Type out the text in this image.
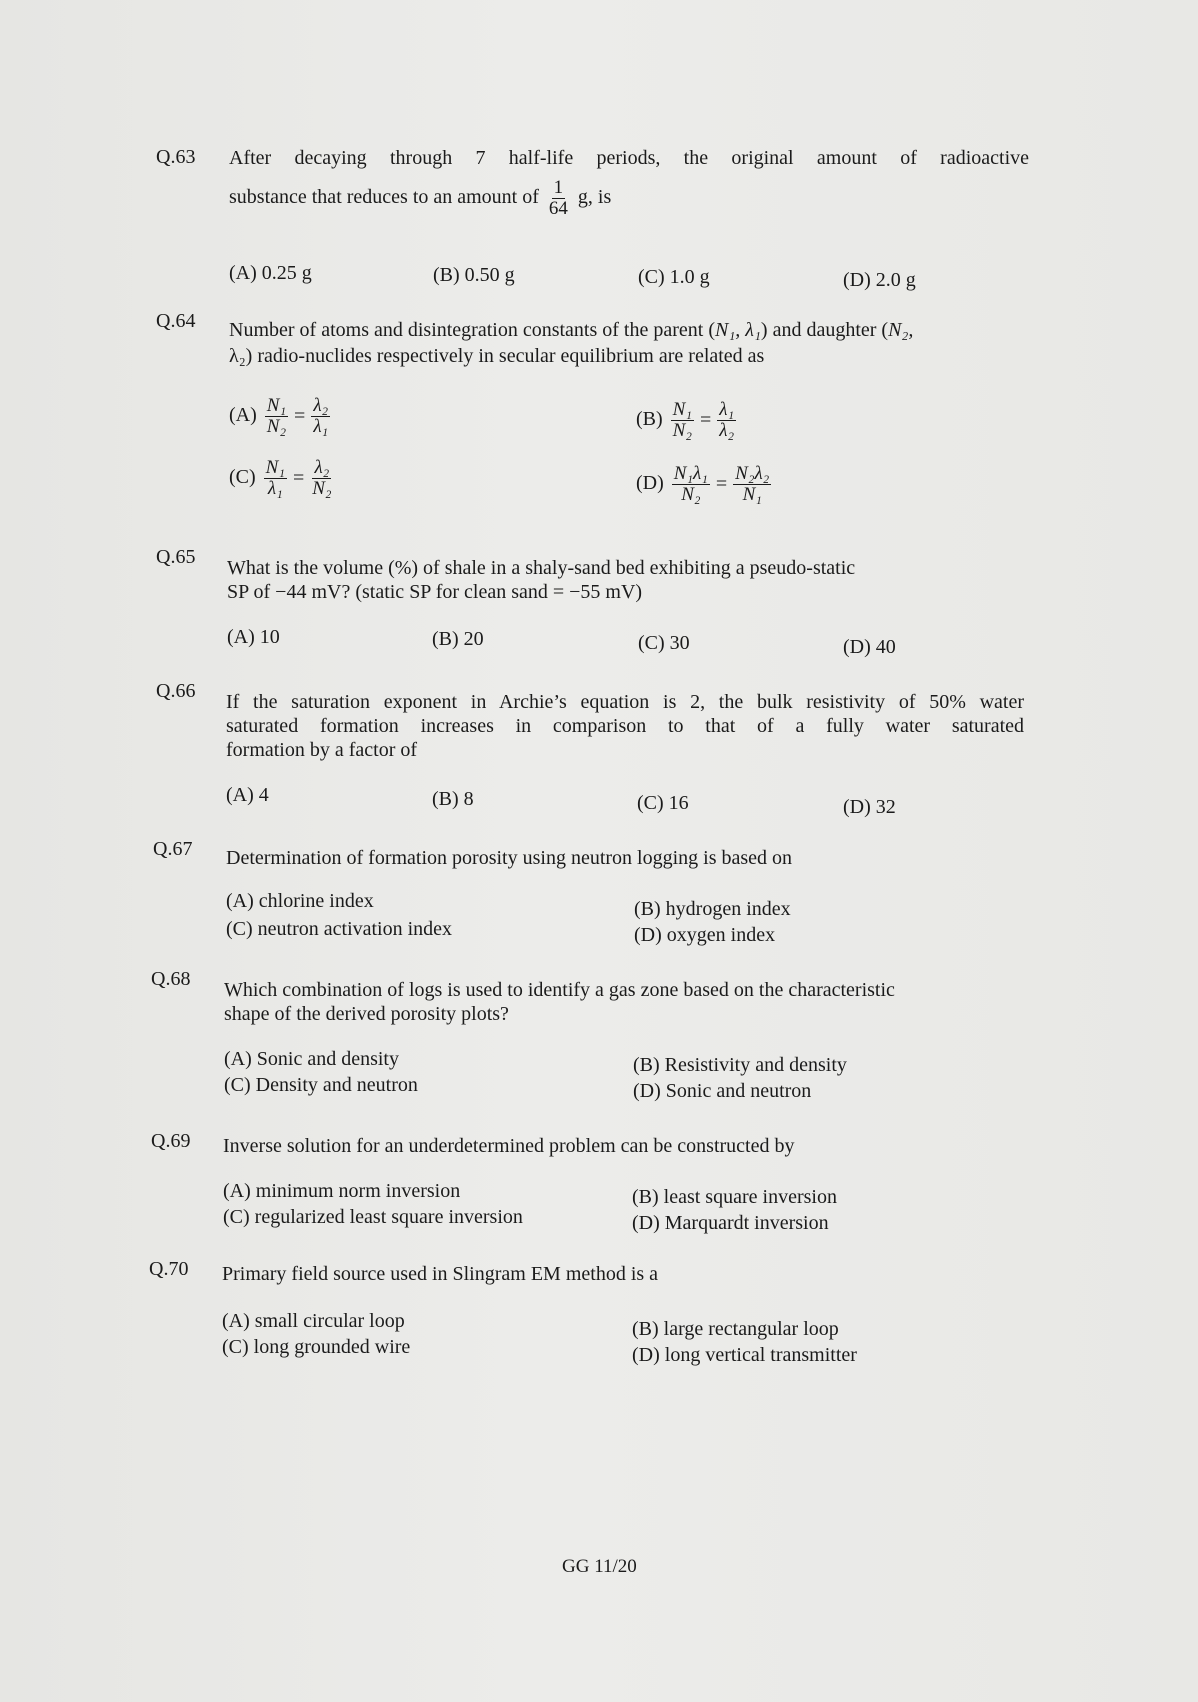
Q.63 After decaying through 7 half-life periods, the original amount of radioactive
substance that reduces to an amount of $\frac{1}{64} g$, is
(A) 0.25 g	(B) 0.50 g	(C) 1.0 g	(D) 2.0 g
Q.64 Number of atoms and disintegration constants of the parent (N₁, λ₁) and daughter (N₂,
λ₂) radio-nuclides respectively in secular equilibrium are related as
$(A) \frac{\text{N₁}}{\text{N₂}} = \frac{\text{λ₂}}{\text{λ₁}}$	$(B) \frac{\text{N₁}}{\text{N₂}} = \frac{\text{λ₁}}{\text{λ₂}}$
$(C) \frac{\text{N₁}}{\text{λ₁}} = \frac{\text{λ₂}}{\text{N₂}}$	$(D) \frac{\text{N₁λ₁}}{\text{N₂}} = \frac{\text{N₂λ₂}}{\text{N₁}}$
Q.65 What is the volume (%) of shale in a shaly-sand bed exhibiting a pseudo-static
SP of −44 mV? (static SP for clean sand = −55 mV)
(A) 10	(B) 20	(C) 30	(D) 40
Q.66 If the saturation exponent in Archie’s equation is 2, the bulk resistivity of 50% water
saturated formation increases in comparison to that of a fully water saturated
formation by a factor of
(A) 4	(B) 8	(C) 16	(D) 32
Q.67 Determination of formation porosity using neutron logging is based on
(A) chlorine index	(B) hydrogen index
(C) neutron activation index	(D) oxygen index
Q.68 Which combination of logs is used to identify a gas zone based on the characteristic
shape of the derived porosity plots?
(A) Sonic and density	(B) Resistivity and density
(C) Density and neutron	(D) Sonic and neutron
Q.69 Inverse solution for an underdetermined problem can be constructed by
(A) minimum norm inversion	(B) least square inversion
(C) regularized least square inversion	(D) Marquardt inversion
Q.70 Primary field source used in Slingram EM method is a
(A) small circular loop	(B) large rectangular loop
(C) long grounded wire	(D) long vertical transmitter
GG 11/20
